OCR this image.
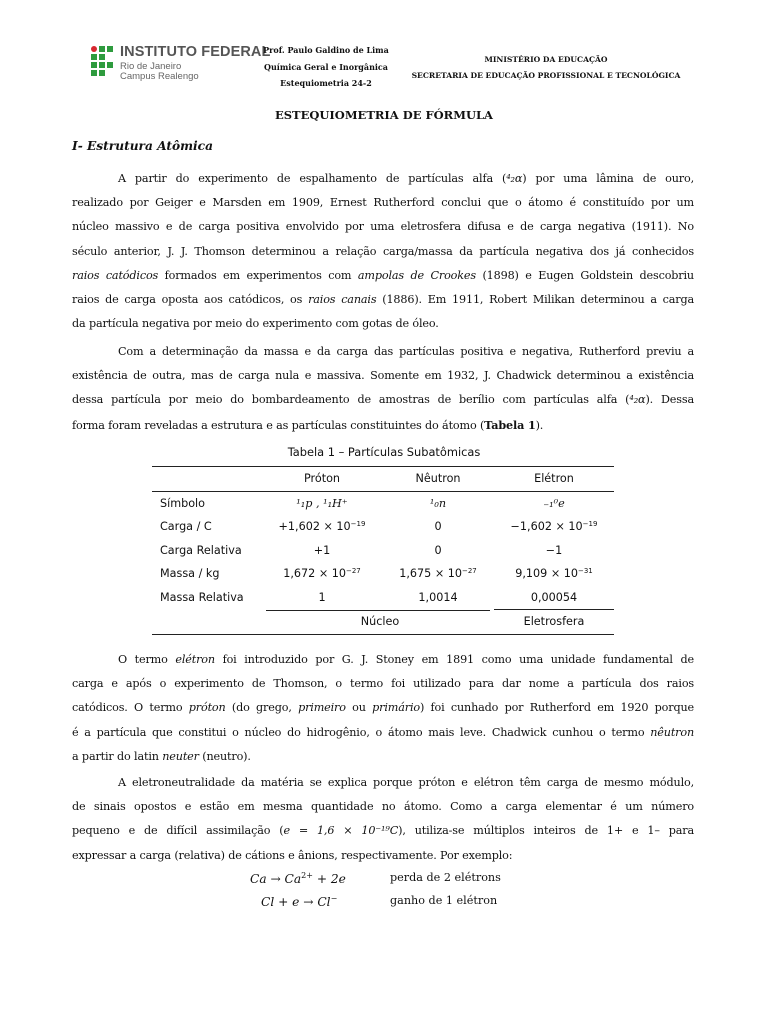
INSTITUTO FEDERAL
Rio de Janeiro
Campus Realengo
Prof. Paulo Galdino de Lima
Química Geral e Inorgânica
Estequiometria 24-2
MINISTÉRIO DA EDUCAÇÃO
SECRETARIA DE EDUCAÇÃO PROFISSIONAL E TECNOLÓGICA
ESTEQUIOMETRIA DE FÓRMULA
I- Estrutura Atômica
A partir do experimento de espalhamento de partículas alfa (⁴₂α) por uma lâmina de ouro,
realizado por Geiger e Marsden em 1909, Ernest Rutherford conclui que o átomo é constituído por um
núcleo massivo e de carga positiva envolvido por uma eletrosfera difusa e de carga negativa (1911). No
século anterior, J. J. Thomson determinou a relação carga/massa da partícula negativa dos já conhecidos
raios catódicos formados em experimentos com ampolas de Crookes (1898) e Eugen Goldstein descobriu
raios de carga oposta aos catódicos, os raios canais (1886). Em 1911, Robert Milikan determinou a carga
da partícula negativa por meio do experimento com gotas de óleo.
Com a determinação da massa e da carga das partículas positiva e negativa, Rutherford previu a
existência de outra, mas de carga nula e massiva. Somente em 1932, J. Chadwick determinou a existência
dessa partícula por meio do bombardeamento de amostras de berílio com partículas alfa (⁴₂α). Dessa
forma foram reveladas a estrutura e as partículas constituintes do átomo (Tabela 1).
Tabela 1 – Partículas Subatômicas
	Próton	Nêutron	Elétron
Símbolo	¹₁p , ¹₁H⁺	¹₀n	₋₁⁰e
Carga / C	$+1,602 \times 10^{-19}$	0	$-1,602 \times 10^{-19}$
Carga Relativa	+1	0	−1
Massa / kg	$1,672 \times 10^{-27}$	$1,675 \times 10^{-27}$	$9,109 \times 10^{-31}$
Massa Relativa	1	1,0014	0,00054
Núcleo			Eletrosfera
O termo elétron foi introduzido por G. J. Stoney em 1891 como uma unidade fundamental de
carga e após o experimento de Thomson, o termo foi utilizado para dar nome a partícula dos raios
catódicos. O termo próton (do grego, primeiro ou primário) foi cunhado por Rutherford em 1920 porque
é a partícula que constitui o núcleo do hidrogênio, o átomo mais leve. Chadwick cunhou o termo nêutron
a partir do latin neuter (neutro).
A eletroneutralidade da matéria se explica porque próton e elétron têm carga de mesmo módulo,
de sinais opostos e estão em mesma quantidade no átomo. Como a carga elementar é um número
pequeno e de difícil assimilação (e = 1,6 × 10⁻¹⁹C), utiliza-se múltiplos inteiros de 1+ e 1– para
expressar a carga (relativa) de cátions e ânions, respectivamente. Por exemplo:
$Ca \to Ca^{2+} + 2e$	perda de 2 elétrons
Cl + e → Cl−	ganho de 1 elétron
